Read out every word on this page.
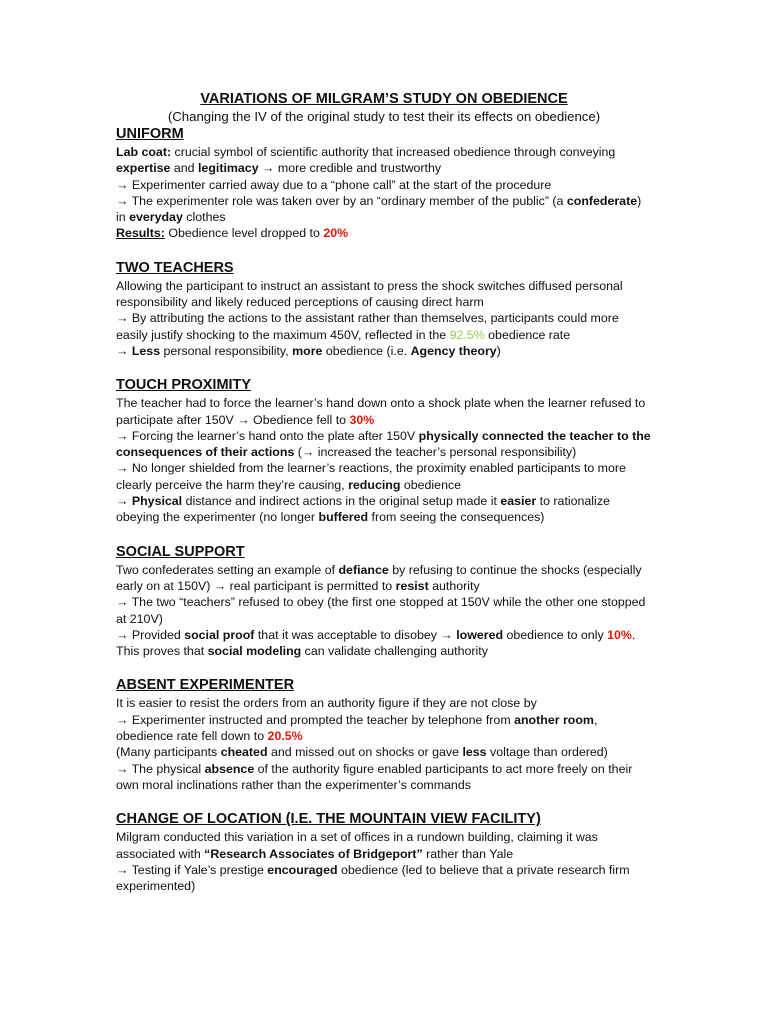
VARIATIONS OF MILGRAM’S STUDY ON OBEDIENCE

(Changing the IV of the original study to test their its effects on obedience)

UNIFORM

Lab coat: crucial symbol of scientific authority that increased obedience through conveying expertise and legitimacy → more credible and trustworthy

→ Experimenter carried away due to a “phone call” at the start of the procedure

→ The experimenter role was taken over by an “ordinary member of the public” (a confederate) in everyday clothes

Results: Obedience level dropped to 20%

TWO TEACHERS

Allowing the participant to instruct an assistant to press the shock switches diffused personal responsibility and likely reduced perceptions of causing direct harm

→ By attributing the actions to the assistant rather than themselves, participants could more easily justify shocking to the maximum 450V, reflected in the 92.5% obedience rate

→ Less personal responsibility, more obedience (i.e. Agency theory)

TOUCH PROXIMITY

The teacher had to force the learner’s hand down onto a shock plate when the learner refused to participate after 150V → Obedience fell to 30%

→ Forcing the learner’s hand onto the plate after 150V physically connected the teacher to the consequences of their actions (→ increased the teacher’s personal responsibility)

→ No longer shielded from the learner’s reactions, the proximity enabled participants to more clearly perceive the harm they’re causing, reducing obedience

→ Physical distance and indirect actions in the original setup made it easier to rationalize obeying the experimenter (no longer buffered from seeing the consequences)

SOCIAL SUPPORT

Two confederates setting an example of defiance by refusing to continue the shocks (especially early on at 150V) → real participant is permitted to resist authority

→ The two “teachers” refused to obey (the first one stopped at 150V while the other one stopped at 210V)

→ Provided social proof that it was acceptable to disobey → lowered obedience to only 10%. This proves that social modeling can validate challenging authority

ABSENT EXPERIMENTER

It is easier to resist the orders from an authority figure if they are not close by

→ Experimenter instructed and prompted the teacher by telephone from another room, obedience rate fell down to 20.5%

(Many participants cheated and missed out on shocks or gave less voltage than ordered)

→ The physical absence of the authority figure enabled participants to act more freely on their own moral inclinations rather than the experimenter’s commands

CHANGE OF LOCATION (I.E. THE MOUNTAIN VIEW FACILITY)

Milgram conducted this variation in a set of offices in a rundown building, claiming it was associated with “Research Associates of Bridgeport” rather than Yale

→ Testing if Yale’s prestige encouraged obedience (led to believe that a private research firm experimented)
